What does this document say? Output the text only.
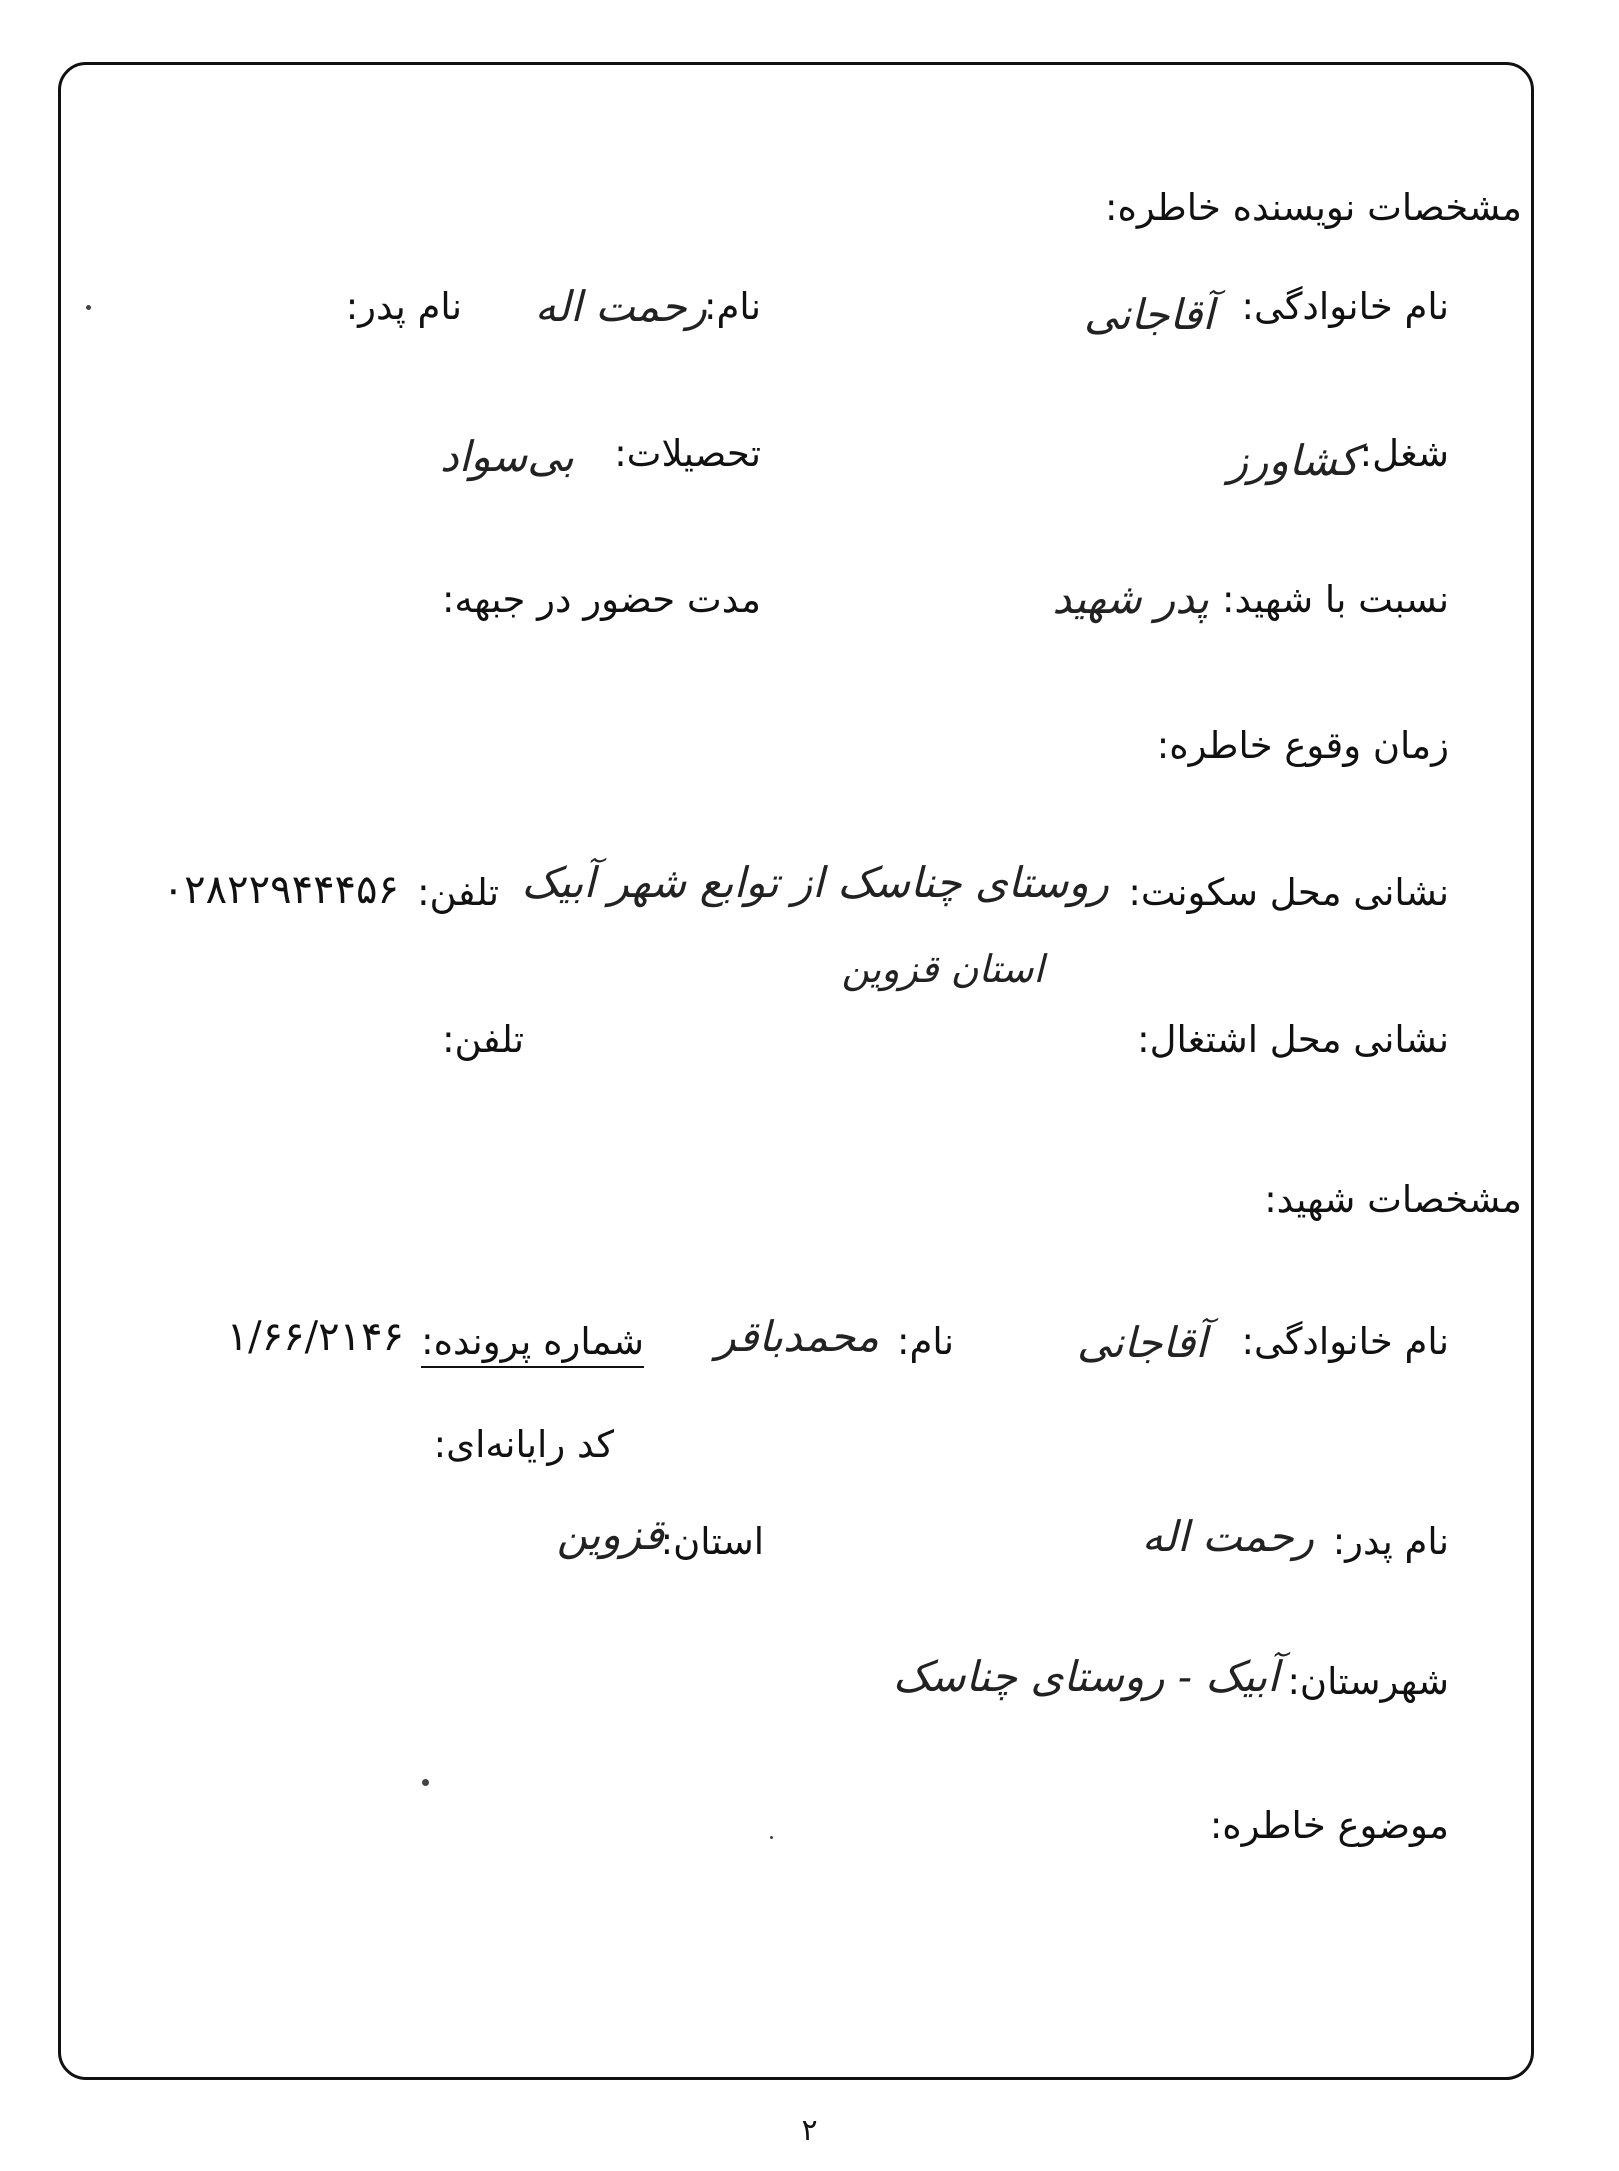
مشخصات نویسنده خاطره:
نام خانوادگی:
آقاجانی
نام:
رحمت اله
نام پدر:
شغل:
کشاورز
تحصیلات:
بی‌سواد
نسبت با شهید:
پدر شهید
مدت حضور در جبهه:
زمان وقوع خاطره:
نشانی محل سکونت:
روستای چناسک از توابع شهر آبیک
تلفن:
۰۲۸۲۲۹۴۴۴۵۶
استان قزوین
نشانی محل اشتغال:
تلفن:
مشخصات شهید:
نام خانوادگی:
آقاجانی
نام:
محمدباقر
شماره پرونده:
۱/۶۶/۲۱۴۶
کد رایانه‌ای:
نام پدر:
رحمت اله
استان:
قزوین
شهرستان:
آبیک - روستای چناسک
موضوع خاطره:
۲
